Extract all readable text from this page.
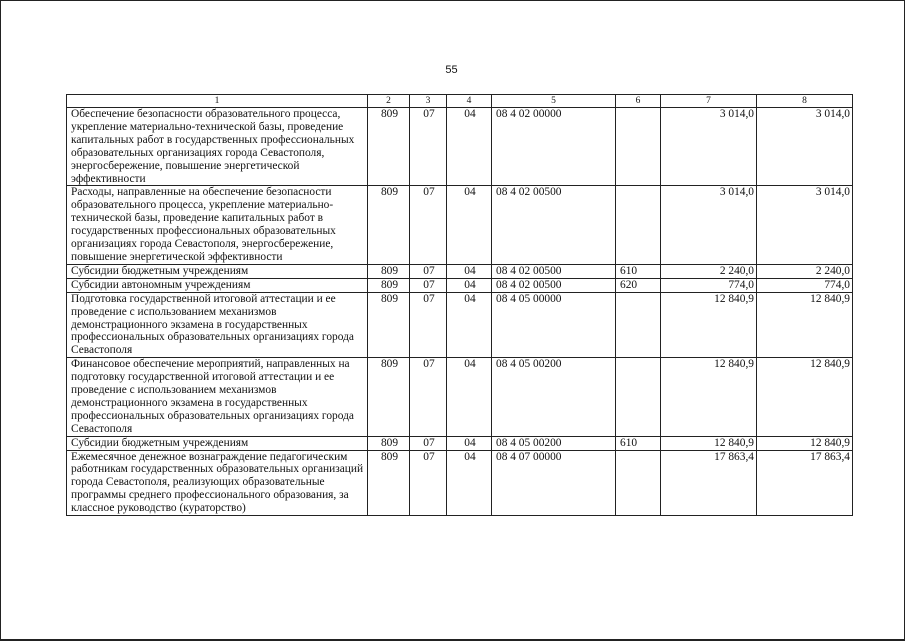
55
1	2	3	4	5	6	7	8
Обеспечение безопасности образовательного процесса, укрепление материально-технической базы, проведение капитальных работ в государственных профессиональных образовательных организациях города Севастополя, энергосбережение, повышение энергетической эффективности	809	07	04	08 4 02 00000		3 014,0	3 014,0
Расходы, направленные на обеспечение безопасности образовательного процесса, укрепление материально-технической базы, проведение капитальных работ в государственных профессиональных образовательных организациях города Севастополя, энергосбережение, повышение энергетической эффективности	809	07	04	08 4 02 00500		3 014,0	3 014,0
Субсидии бюджетным учреждениям	809	07	04	08 4 02 00500	610	2 240,0	2 240,0
Субсидии автономным учреждениям	809	07	04	08 4 02 00500	620	774,0	774,0
Подготовка государственной итоговой аттестации и ее проведение с использованием механизмов демонстрационного экзамена в государственных профессиональных образовательных организациях города Севастополя	809	07	04	08 4 05 00000		12 840,9	12 840,9
Финансовое обеспечение мероприятий, направленных на подготовку государственной итоговой аттестации и ее проведение с использованием механизмов демонстрационного экзамена в государственных профессиональных образовательных организациях города Севастополя	809	07	04	08 4 05 00200		12 840,9	12 840,9
Субсидии бюджетным учреждениям	809	07	04	08 4 05 00200	610	12 840,9	12 840,9
Ежемесячное денежное вознаграждение педагогическим работникам государственных образовательных организаций города Севастополя, реализующих образовательные программы среднего профессионального образования, за классное руководство (кураторство)	809	07	04	08 4 07 00000		17 863,4	17 863,4
